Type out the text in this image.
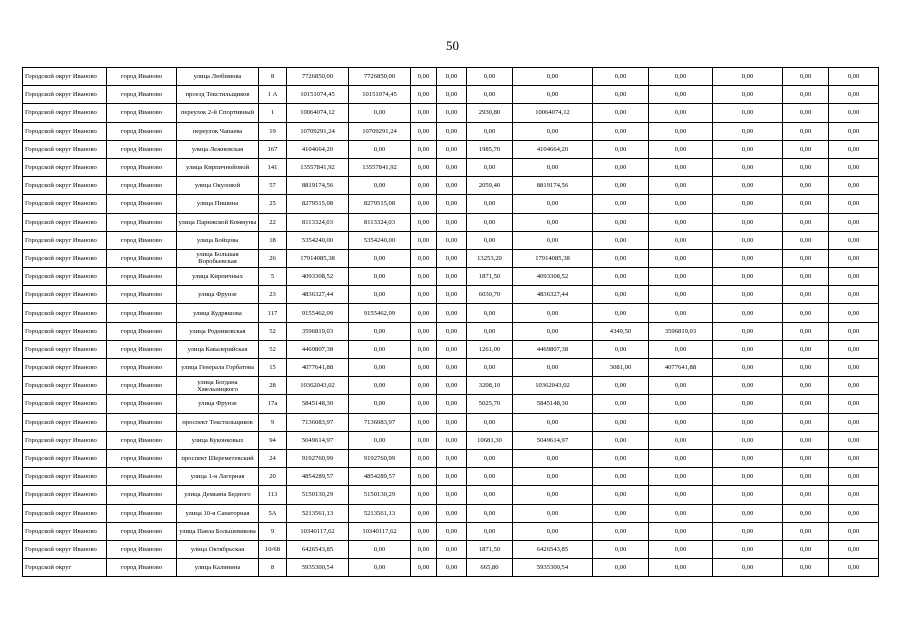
50
Городской округ Иваново	город Иваново	улица Любимова	8	7726850,00	7726850,00	0,00	0,00	0,00	0,00	0,00	0,00	0,00	0,00	0,00
Городской округ Иваново	город Иваново	проезд Текстильщиков	1 А	10151074,45	10151074,45	0,00	0,00	0,00	0,00	0,00	0,00	0,00	0,00	0,00
Городской округ Иваново	город Иваново	переулок 2-й Спортивный	1	10064074,12	0,00	0,00	0,00	2930,80	10064074,12	0,00	0,00	0,00	0,00	0,00
Городской округ Иваново	город Иваново	переулок Чапаева	19	10709291,24	10709291,24	0,00	0,00	0,00	0,00	0,00	0,00	0,00	0,00	0,00
Городской округ Иваново	город Иваново	улица Лежневская	167	4104664,20	0,00	0,00	0,00	1985,70	4104664,20	0,00	0,00	0,00	0,00	0,00
Городской округ Иваново	город Иваново	улица Кирпичнойовой	141	13557841,92	13557841,92	0,00	0,00	0,00	0,00	0,00	0,00	0,00	0,00	0,00
Городской округ Иваново	город Иваново	улица Окуловой	57	8819174,56	0,00	0,00	0,00	2059,40	8819174,56	0,00	0,00	0,00	0,00	0,00
Городской округ Иваново	город Иваново	улица Пишина	25	8279515,08	8279515,08	0,00	0,00	0,00	0,00	0,00	0,00	0,00	0,00	0,00
Городской округ Иваново	город Иваново	улица Парижской Коммуны	22	8113324,03	8113324,03	0,00	0,00	0,00	0,00	0,00	0,00	0,00	0,00	0,00
Городской округ Иваново	город Иваново	улица Бойцова	18	5354240,00	5354240,00	0,00	0,00	0,00	0,00	0,00	0,00	0,00	0,00	0,00
Городской округ Иваново	город Иваново	улица Большая Воробьевская	26	17914085,38	0,00	0,00	0,00	13253,20	17914085,38	0,00	0,00	0,00	0,00	0,00
Городской округ Иваново	город Иваново	улица Кирпичных	5	4093308,52	0,00	0,00	0,00	1871,50	4093308,52	0,00	0,00	0,00	0,00	0,00
Городской округ Иваново	город Иваново	улица Фрунзе	23	4836327,44	0,00	0,00	0,00	6030,70	4836327,44	0,00	0,00	0,00	0,00	0,00
Городской округ Иваново	город Иваново	улица Кудряшова	117	9155462,09	9155462,09	0,00	0,00	0,00	0,00	0,00	0,00	0,00	0,00	0,00
Городской округ Иваново	город Иваново	улица Родниковская	52	3596819,03	0,00	0,00	0,00	0,00	0,00	4349,50	3596819,03	0,00	0,00	0,00
Городской округ Иваново	город Иваново	улица Кавалерийская	52	4469807,38	0,00	0,00	0,00	1261,00	4469807,38	0,00	0,00	0,00	0,00	0,00
Городской округ Иваново	город Иваново	улица Генерала Горбатова	15	4077641,88	0,00	0,00	0,00	0,00	0,00	3081,00	4077641,88	0,00	0,00	0,00
Городской округ Иваново	город Иваново	улица Богдана Хмельницкого	28	10362043,02	0,00	0,00	0,00	3208,10	10362043,02	0,00	0,00	0,00	0,00	0,00
Городской округ Иваново	город Иваново	улица Фрунзе	17а	5845148,30	0,00	0,00	0,00	5025,70	5845148,30	0,00	0,00	0,00	0,00	0,00
Городской округ Иваново	город Иваново	проспект Текстильщиков	9	7136083,97	7136083,97	0,00	0,00	0,00	0,00	0,00	0,00	0,00	0,00	0,00
Городской округ Иваново	город Иваново	улица Куконковых	94	5049614,97	0,00	0,00	0,00	10681,30	5049614,97	0,00	0,00	0,00	0,00	0,00
Городской округ Иваново	город Иваново	проспект Шереметевский	24	9192760,99	9192760,99	0,00	0,00	0,00	0,00	0,00	0,00	0,00	0,00	0,00
Городской округ Иваново	город Иваново	улица 1-я Лагерная	20	4854289,57	4854289,57	0,00	0,00	0,00	0,00	0,00	0,00	0,00	0,00	0,00
Городской округ Иваново	город Иваново	улица Демьяна Бедного	113	5150130,29	5150130,29	0,00	0,00	0,00	0,00	0,00	0,00	0,00	0,00	0,00
Городской округ Иваново	город Иваново	улица 10-я Санаторная	5А	5213561,13	5213561,13	0,00	0,00	0,00	0,00	0,00	0,00	0,00	0,00	0,00
Городской округ Иваново	город Иваново	улица Павла Большевикова	9	10340117,62	10340117,62	0,00	0,00	0,00	0,00	0,00	0,00	0,00	0,00	0,00
Городской округ Иваново	город Иваново	улица Октябрьская	10/68	6426543,85	0,00	0,00	0,00	1871,50	6426543,85	0,00	0,00	0,00	0,00	0,00
Городской округ	город Иваново	улица Калинина	8	5935300,54	0,00	0,00	0,00	665,80	5935300,54	0,00	0,00	0,00	0,00	0,00
